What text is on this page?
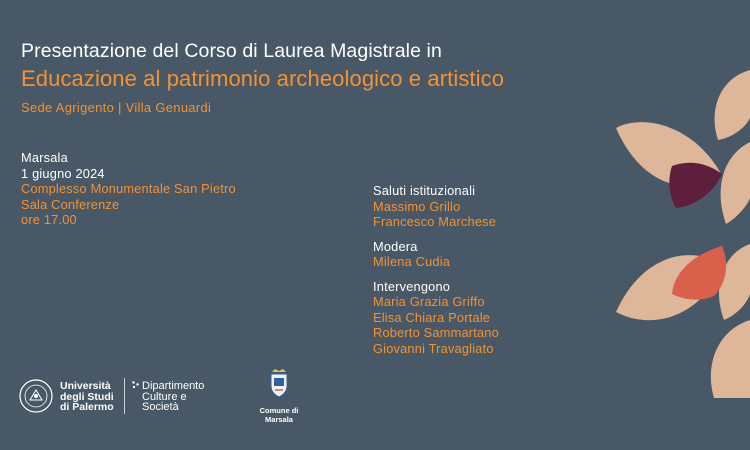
Presentazione del Corso di Laurea Magistrale in
Educazione al patrimonio archeologico e artistico
Sede Agrigento | Villa Genuardi
Marsala
1 giugno 2024
Complesso Monumentale San Pietro
Sala Conferenze
ore 17.00
Saluti istituzionali
Massimo Grillo
Francesco Marchese
Modera
Milena Cudia
Intervengono
Maria Grazia Griffo
Elisa Chiara Portale
Roberto Sammartano
Giovanni Travagliato
Università
degli Studi
di Palermo
Dipartimento
Culture e
Società	Comune di
Marsala
